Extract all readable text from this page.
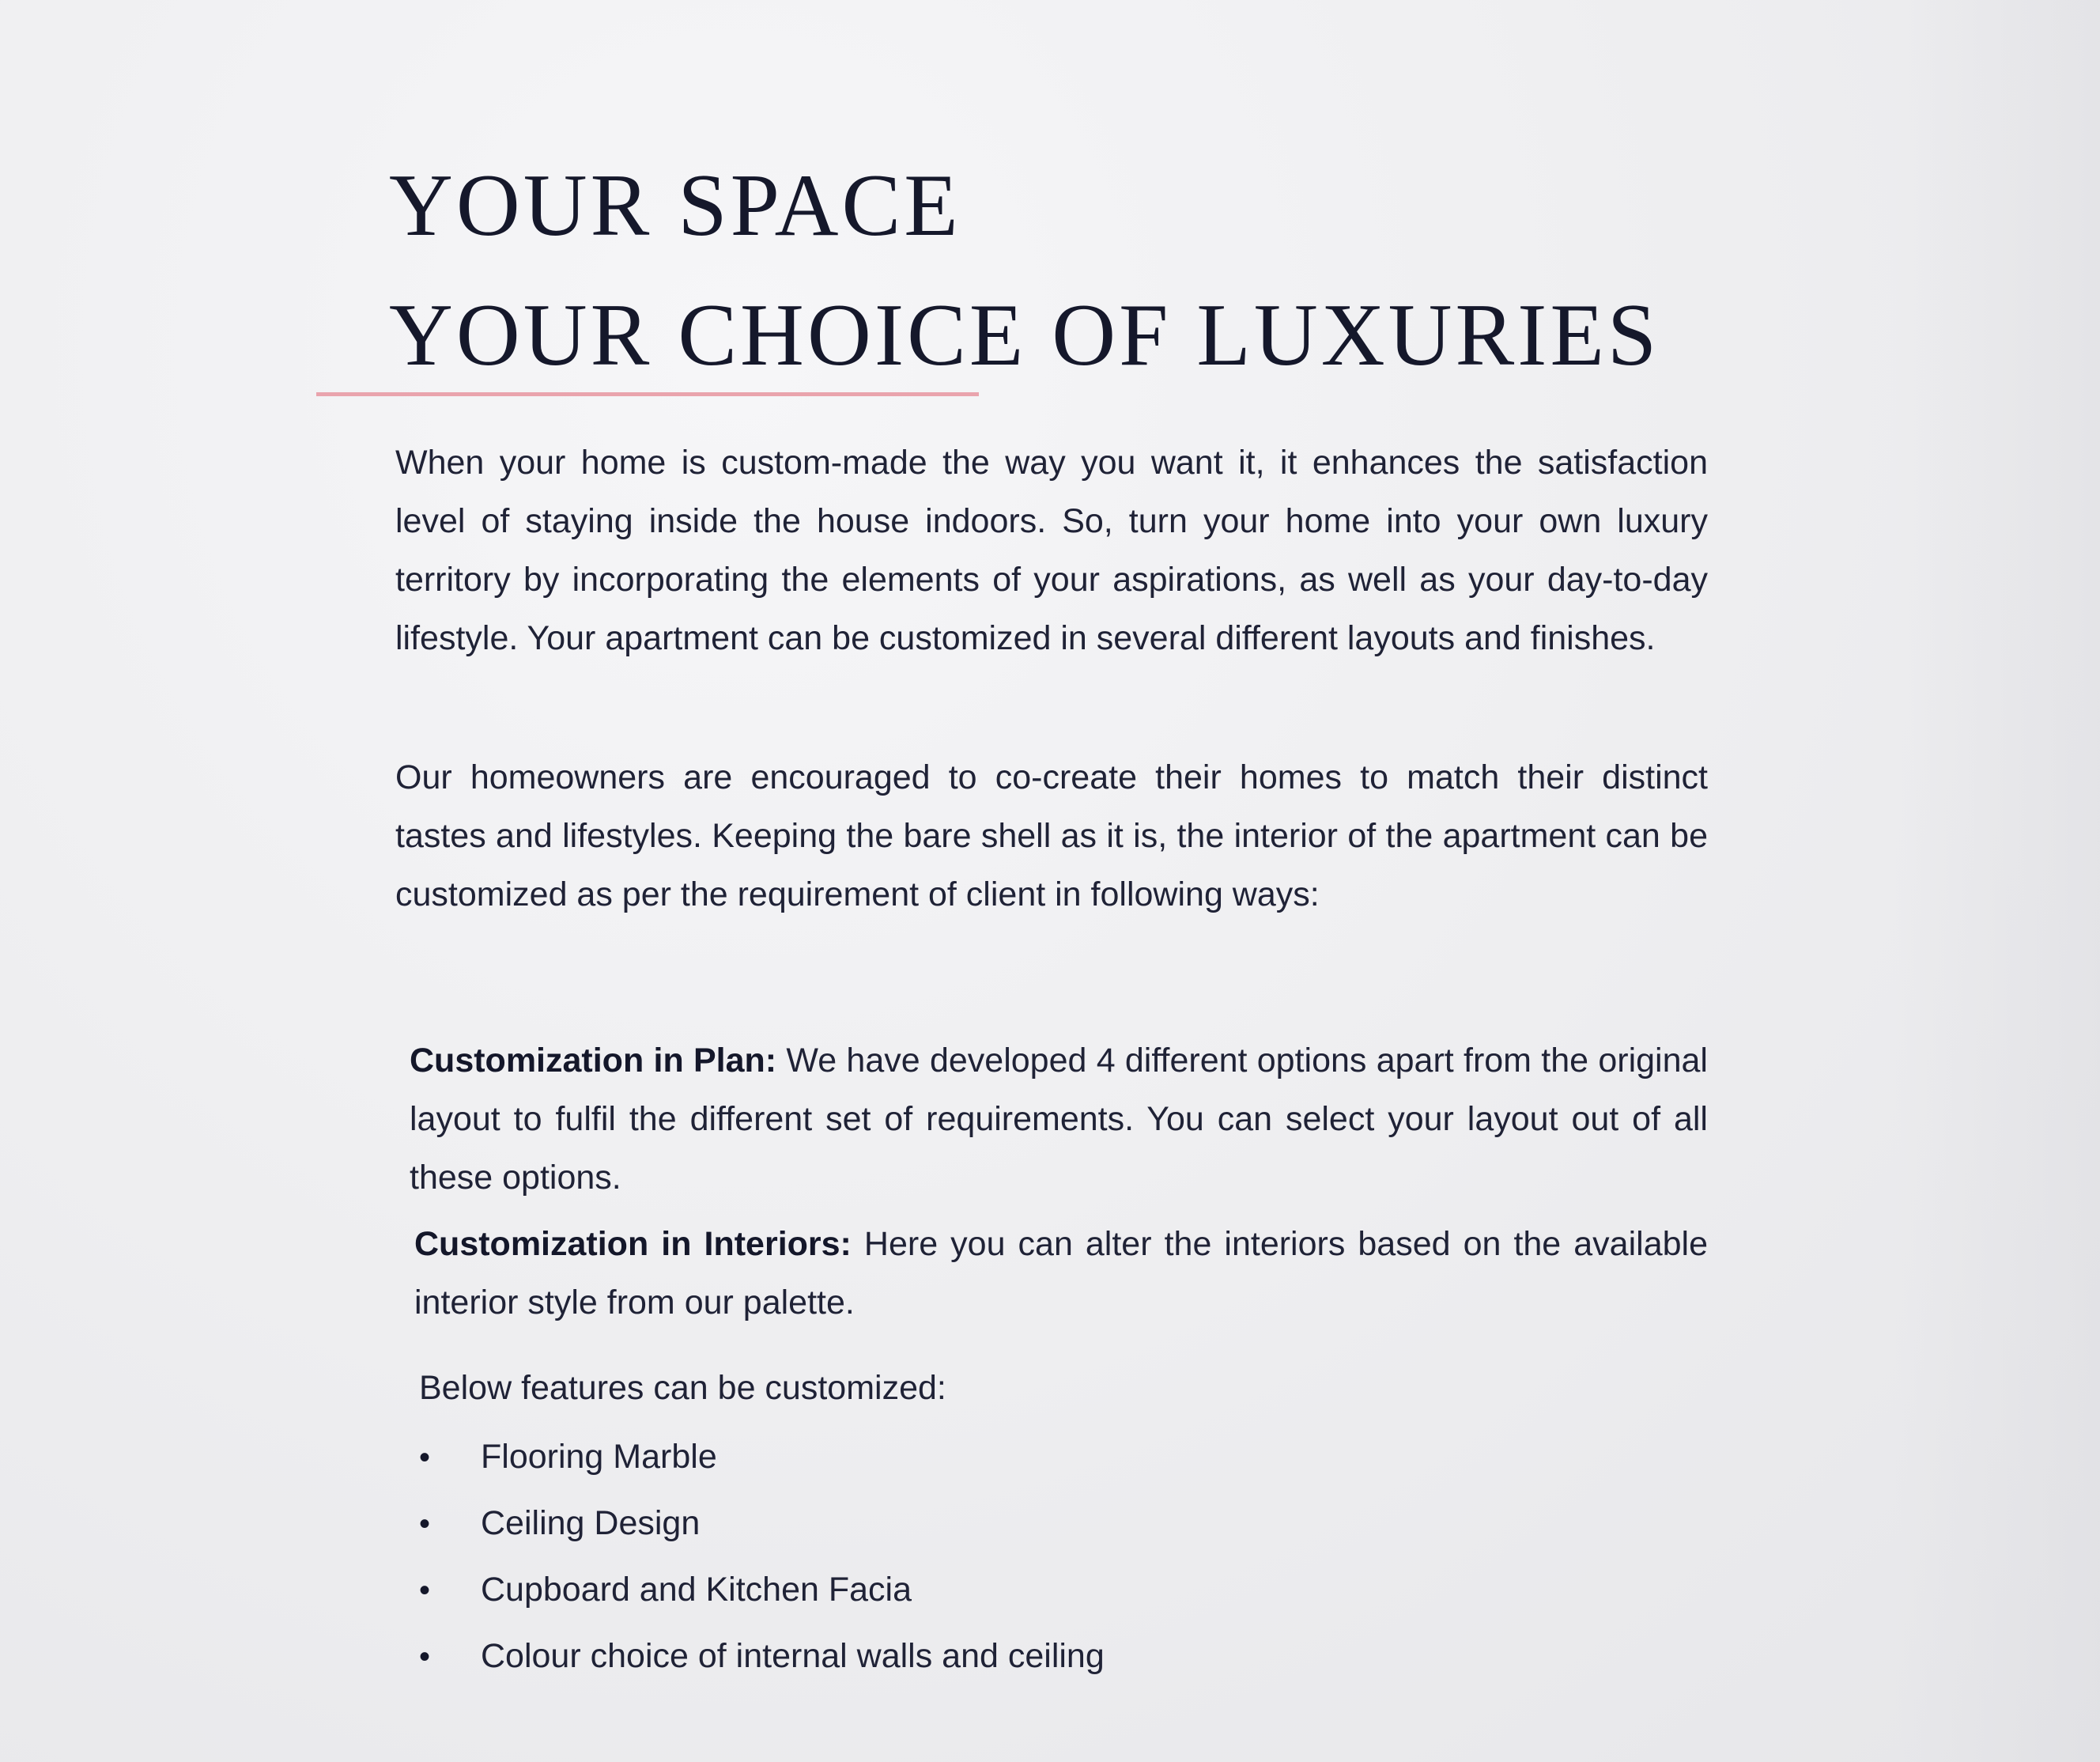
YOUR SPACE
YOUR CHOICE OF LUXURIES

When your home is custom-made the way you want it, it enhances the satisfaction level of staying inside the house indoors. So, turn your home into your own luxury territory by incorporating the elements of your aspirations, as well as your day-to-day lifestyle. Your apartment can be customized in several different layouts and finishes.

Our homeowners are encouraged to co-create their homes to match their distinct tastes and lifestyles. Keeping the bare shell as it is, the interior of the apartment can be customized as per the requirement of client in following ways:

Customization in Plan: We have developed 4 different options apart from the original layout to fulfil the different set of requirements. You can select your layout out of all these options.

Customization in Interiors: Here you can alter the interiors based on the available interior style from our palette.

Below features can be customized:

• Flooring Marble
• Ceiling Design
• Cupboard and Kitchen Facia
• Colour choice of internal walls and ceiling
